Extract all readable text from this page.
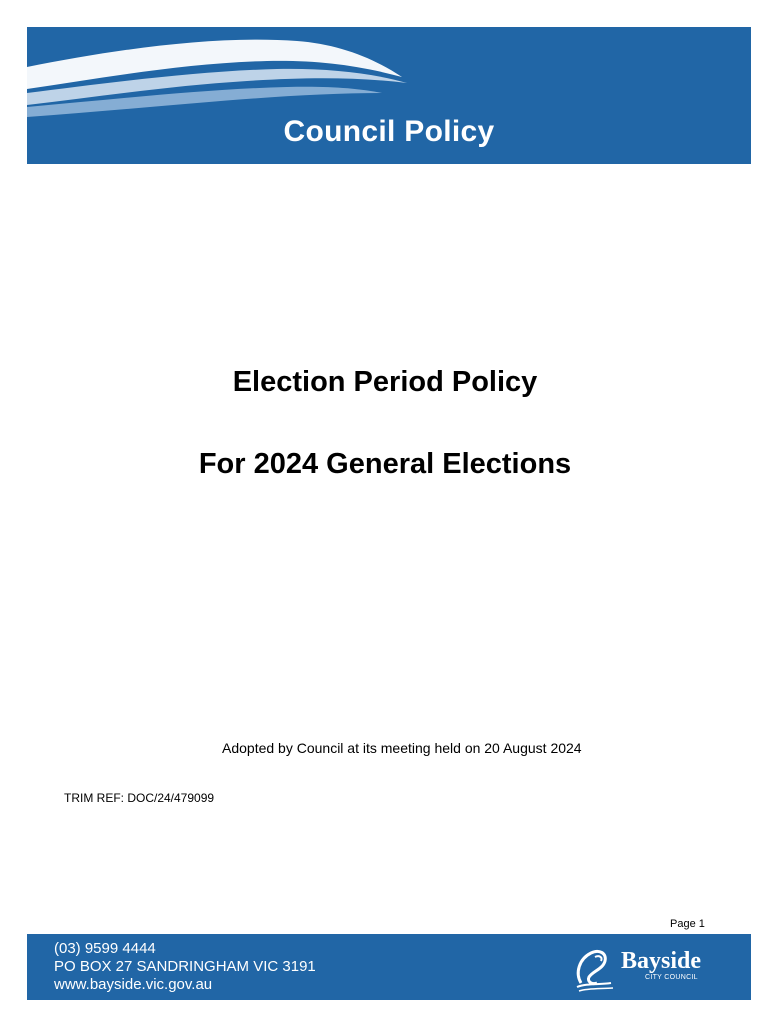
Council Policy
Election Period Policy
For 2024 General Elections
Adopted by Council at its meeting held on 20 August 2024
TRIM REF: DOC/24/479099
Page 1
(03) 9599 4444
PO BOX 27 SANDRINGHAM VIC 3191
www.bayside.vic.gov.au
Bayside
CITY COUNCIL
